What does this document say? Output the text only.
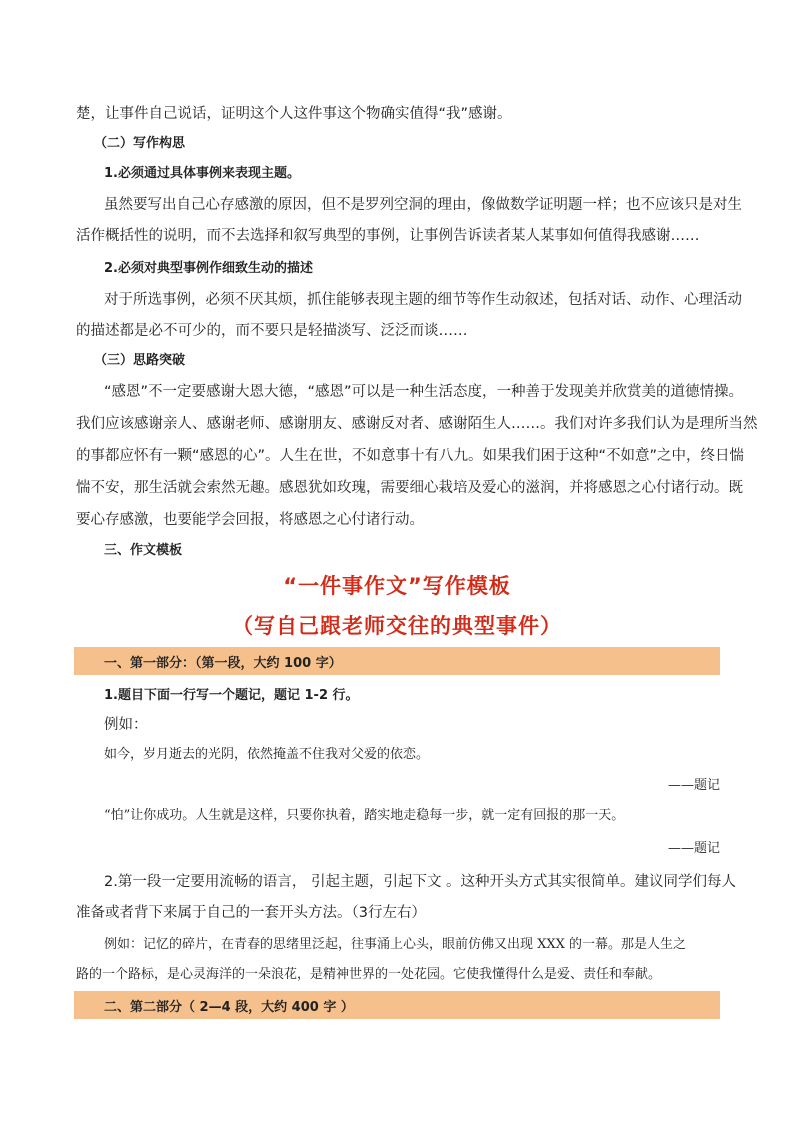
楚，让事件自己说话，证明这个人这件事这个物确实值得“我”感谢。
（二）写作构思
1.必须通过具体事例来表现主题。
虽然要写出自己心存感激的原因，但不是罗列空洞的理由，像做数学证明题一样；也不应该只是对生
活作概括性的说明，而不去选择和叙写典型的事例，让事例告诉读者某人某事如何值得我感谢……
2.必须对典型事例作细致生动的描述
对于所选事例，必须不厌其烦，抓住能够表现主题的细节等作生动叙述，包括对话、动作、心理活动
的描述都是必不可少的，而不要只是轻描淡写、泛泛而谈……
（三）思路突破
“感恩”不一定要感谢大恩大德，“感恩”可以是一种生活态度，一种善于发现美并欣赏美的道德情操。
我们应该感谢亲人、感谢老师、感谢朋友、感谢反对者、感谢陌生人……。我们对许多我们认为是理所当然
的事都应怀有一颗“感恩的心”。人生在世，不如意事十有八九。如果我们困于这种“不如意”之中，终日惴
惴不安，那生活就会索然无趣。感恩犹如玫瑰，需要细心栽培及爱心的滋润，并将感恩之心付诸行动。既
要心存感激，也要能学会回报，将感恩之心付诸行动。
三、作文模板
“一件事作文”写作模板
（写自己跟老师交往的典型事件）
一、第一部分：（第一段，大约 100 字）
1.题目下面一行写一个题记，题记 1-2 行。
例如：
如今，岁月逝去的光阴，依然掩盖不住我对父爱的依恋。
——题记
“怕”让你成功。人生就是这样，只要你执着，踏实地走稳每一步，就一定有回报的那一天。
——题记
2.第一段一定要用流畅的语言， 引起主题，引起下文 。这种开头方式其实很简单。建议同学们每人
准备或者背下来属于自己的一套开头方法。（3行左右）
例如：记忆的碎片，在青春的思绪里泛起，往事涌上心头，眼前仿佛又出现 XXX 的一幕。那是人生之
路的一个路标，是心灵海洋的一朵浪花，是精神世界的一处花园。它使我懂得什么是爱、责任和奉献。
二、第二部分（ 2—4 段，大约 400 字 ）
